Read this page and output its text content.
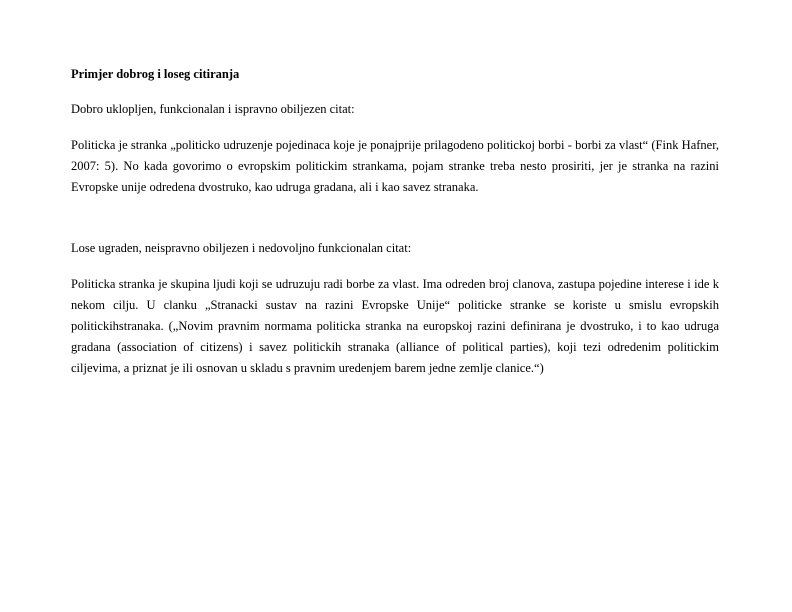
Primjer dobrog i loseg citiranja

Dobro uklopljen, funkcionalan i ispravno obiljezen citat:

Politicka je stranka „politicko udruzenje pojedinaca koje je ponajprije prilagodeno politickoj borbi - borbi za vlast“ (Fink Hafner, 2007: 5). No kada govorimo o evropskim politickim strankama, pojam stranke treba nesto prosiriti, jer je stranka na razini Evropske unije odredena dvostruko, kao udruga gradana, ali i kao savez stranaka.

Lose ugraden, neispravno obiljezen i nedovoljno funkcionalan citat:

Politicka stranka je skupina ljudi koji se udruzuju radi borbe za vlast. Ima odreden broj clanova, zastupa pojedine interese i ide k nekom cilju. U clanku „Stranacki sustav na razini Evropske Unije“ politicke stranke se koriste u smislu evropskih politickihstranaka. („Novim pravnim normama politicka stranka na europskoj razini definirana je dvostruko, i to kao udruga gradana (association of citizens) i savez politickih stranaka (alliance of political parties), koji tezi odredenim politickim ciljevima, a priznat je ili osnovan u skladu s pravnim uredenjem barem jedne zemlje clanice.“)
